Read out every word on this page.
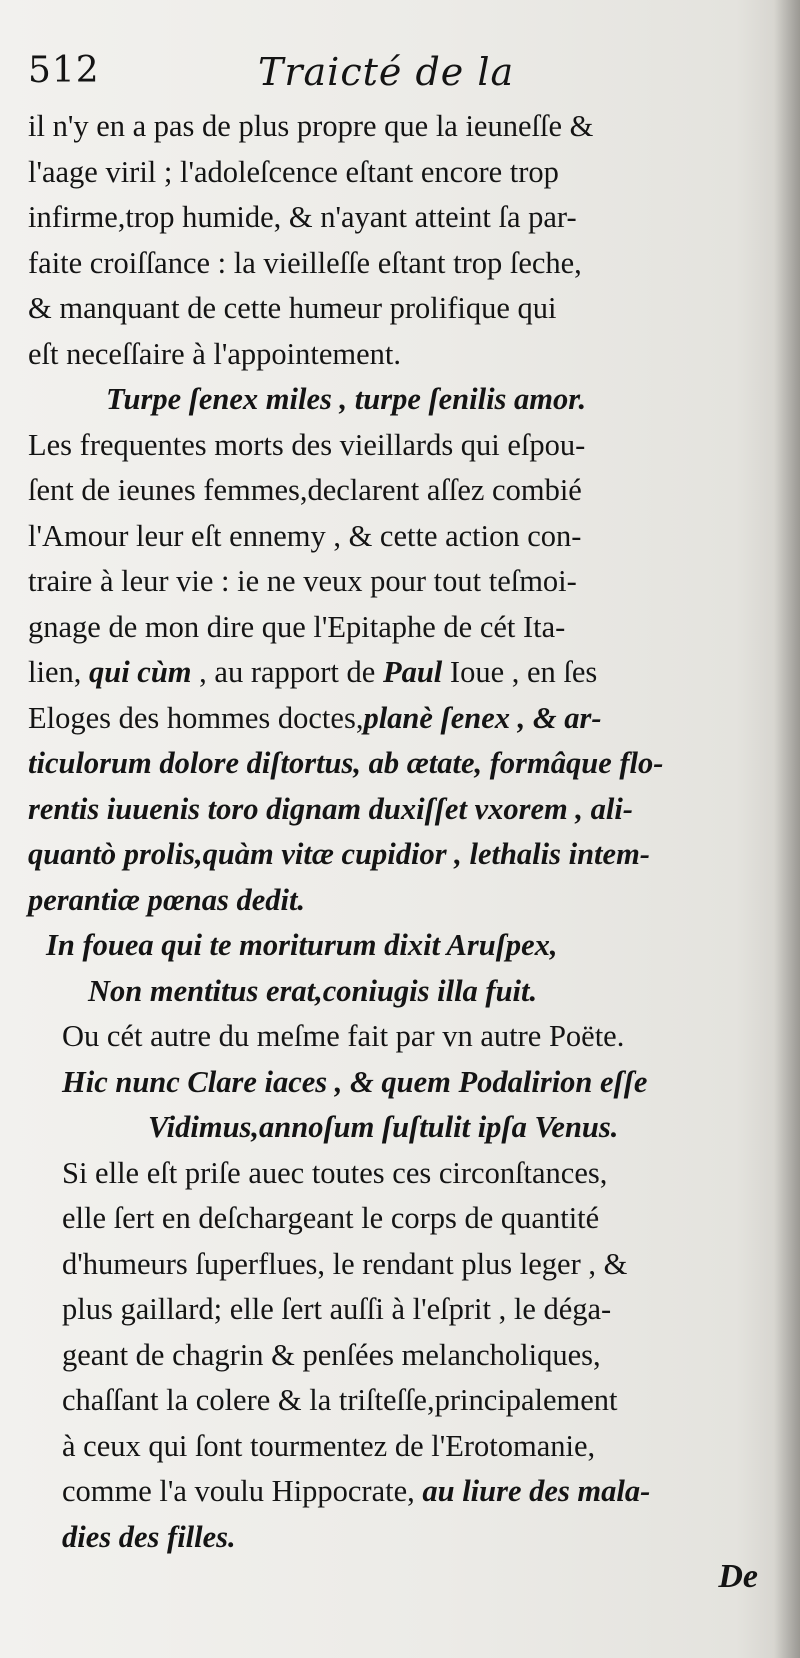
512	Traicté de la
il n'y en a pas de plus propre que la ieuneſſe &
l'aage viril ; l'adoleſcence eſtant encore trop
infirme,trop humide, & n'ayant atteint ſa par-
faite croiſſance : la vieilleſſe eſtant trop ſeche,
& manquant de cette humeur prolifique qui
eſt neceſſaire à l'appointement.
Turpe ſenex miles , turpe ſenilis amor.
Les frequentes morts des vieillards qui eſpou-
ſent de ieunes femmes,declarent aſſez combié
l'Amour leur eſt ennemy , & cette action con-
traire à leur vie : ie ne veux pour tout teſmoi-
gnage de mon dire que l'Epitaphe de cét Ita-
lien, qui cùm , au rapport de Paul Ioue , en ſes
Eloges des hommes doctes,planè ſenex , & ar-
ticulorum dolore diſtortus, ab ætate, formâque flo-
rentis iuuenis toro dignam duxiſſet vxorem , ali-
quantò prolis,quàm vitæ cupidior , lethalis intem-
perantiæ pœnas dedit.
In fouea qui te moriturum dixit Aruſpex,
Non mentitus erat,coniugis illa fuit.
Ou cét autre du meſme fait par vn autre Poëte.
Hic nunc Clare iaces , & quem Podalirion eſſe
Vidimus,annoſum ſuſtulit ipſa Venus.
Si elle eſt priſe auec toutes ces circonſtances,
elle ſert en deſchargeant le corps de quantité
d'humeurs ſuperflues, le rendant plus leger , &
plus gaillard; elle ſert auſſi à l'eſprit , le déga-
geant de chagrin & penſées melancholiques,
chaſſant la colere & la triſteſſe,principalement
à ceux qui ſont tourmentez de l'Erotomanie,
comme l'a voulu Hippocrate, au liure des mala-
dies des filles.
De
